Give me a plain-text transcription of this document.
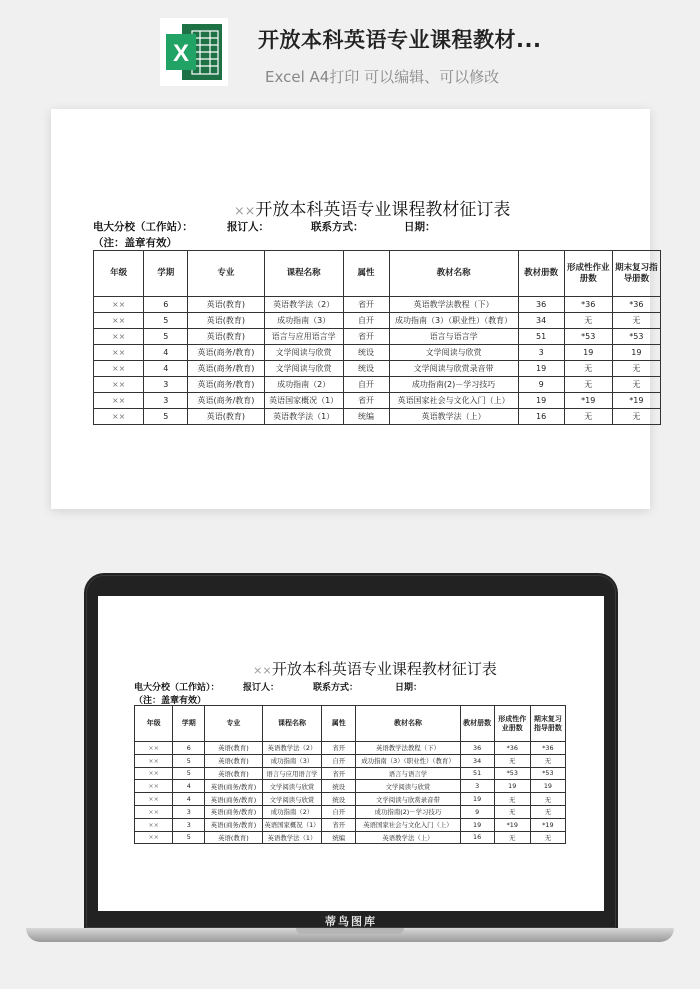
X	开放本科英语专业课程教材...
Excel A4打印 可以编辑、可以修改
××开放本科英语专业课程教材征订表
电大分校（工作站）：	报订人：	联系方式：	日期：
（注：盖章有效）
年级	学期	专业	课程名称	属性	教材名称	教材册数	形成性作业册数	期末复习指导册数
××	6	英语(教育)	英语教学法（2）	省开	英语教学法教程（下）	36	*36	*36
××	5	英语(教育)	成功指南（3）	自开	成功指南（3）（职业性）（教育）	34	无	无
××	5	英语(教育)	语言与应用语言学	省开	语言与语言学	51	*53	*53
××	4	英语(商务/教育)	文学阅读与欣赏	统设	文学阅读与欣赏	3	19	19
××	4	英语(商务/教育)	文学阅读与欣赏	统设	文学阅读与欣赏录音带	19	无	无
××	3	英语(商务/教育)	成功指南（2）	自开	成功指南(2)－学习技巧	9	无	无
××	3	英语(商务/教育)	英语国家概况（1）	省开	英语国家社会与文化入门（上）	19	*19	*19
××	5	英语(教育)	英语教学法（1）	统编	英语教学法（上）	16	无	无
××开放本科英语专业课程教材征订表
电大分校（工作站）：	报订人：	联系方式：	日期：
（注：盖章有效）
年级	学期	专业	课程名称	属性	教材名称	教材册数	形成性作业册数	期末复习指导册数
××	6	英语(教育)	英语教学法（2）	省开	英语教学法教程（下）	36	*36	*36
××	5	英语(教育)	成功指南（3）	自开	成功指南（3）（职业性）（教育）	34	无	无
××	5	英语(教育)	语言与应用语言学	省开	语言与语言学	51	*53	*53
××	4	英语(商务/教育)	文学阅读与欣赏	统设	文学阅读与欣赏	3	19	19
××	4	英语(商务/教育)	文学阅读与欣赏	统设	文学阅读与欣赏录音带	19	无	无
××	3	英语(商务/教育)	成功指南（2）	自开	成功指南(2)－学习技巧	9	无	无
××	3	英语(商务/教育)	英语国家概况（1）	省开	英语国家社会与文化入门（上）	19	*19	*19
××	5	英语(教育)	英语教学法（1）	统编	英语教学法（上）	16	无	无
蒂鸟图库
